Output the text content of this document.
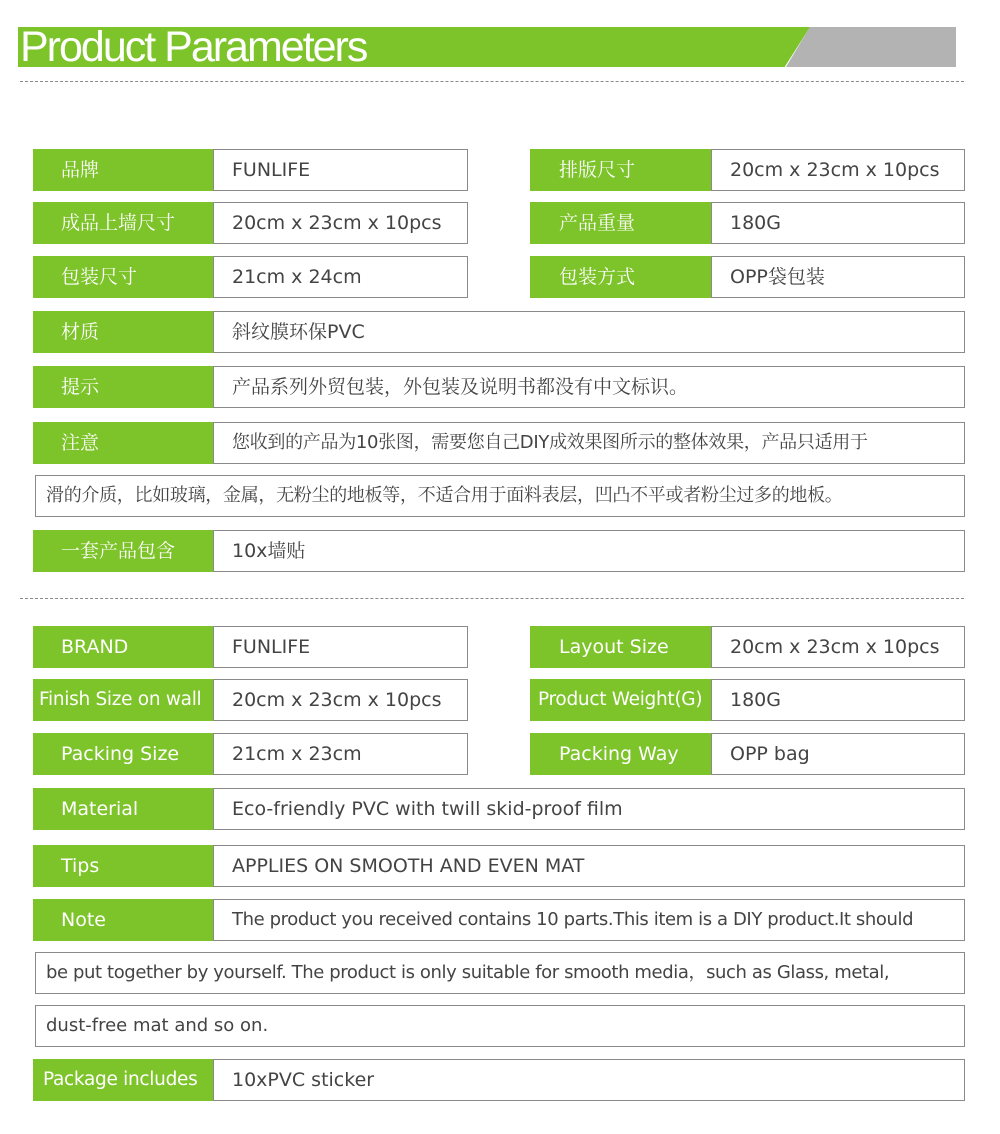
Product Parameters
品牌	FUNLIFE	排版尺寸	20cm x 23cm x 10pcs
成品上墙尺寸	20cm x 23cm x 10pcs	产品重量	180G
包装尺寸	21cm x 24cm	包装方式	OPP袋包装
材质	斜纹膜环保PVC
提示	产品系列外贸包装，外包装及说明书都没有中文标识。
注意	您收到的产品为10张图，需要您自己DIY成效果图所示的整体效果，产品只适用于
滑的介质，比如玻璃，金属，无粉尘的地板等，不适合用于面料表层，凹凸不平或者粉尘过多的地板。
一套产品包含	10x墙贴
BRAND	FUNLIFE	Layout Size	20cm x 23cm x 10pcs
Finish Size on wall	20cm x 23cm x 10pcs	Product Weight(G)	180G
Packing Size	21cm x 23cm	Packing Way	OPP bag
Material	Eco-friendly PVC with twill skid-proof film
Tips	APPLIES ON SMOOTH AND EVEN MAT
Note	The product you received contains 10 parts.This item is a DIY product.It should
be put together by yourself. The product is only suitable for smooth media，such as Glass, metal,
dust-free mat and so on.
Package includes	10xPVC sticker
